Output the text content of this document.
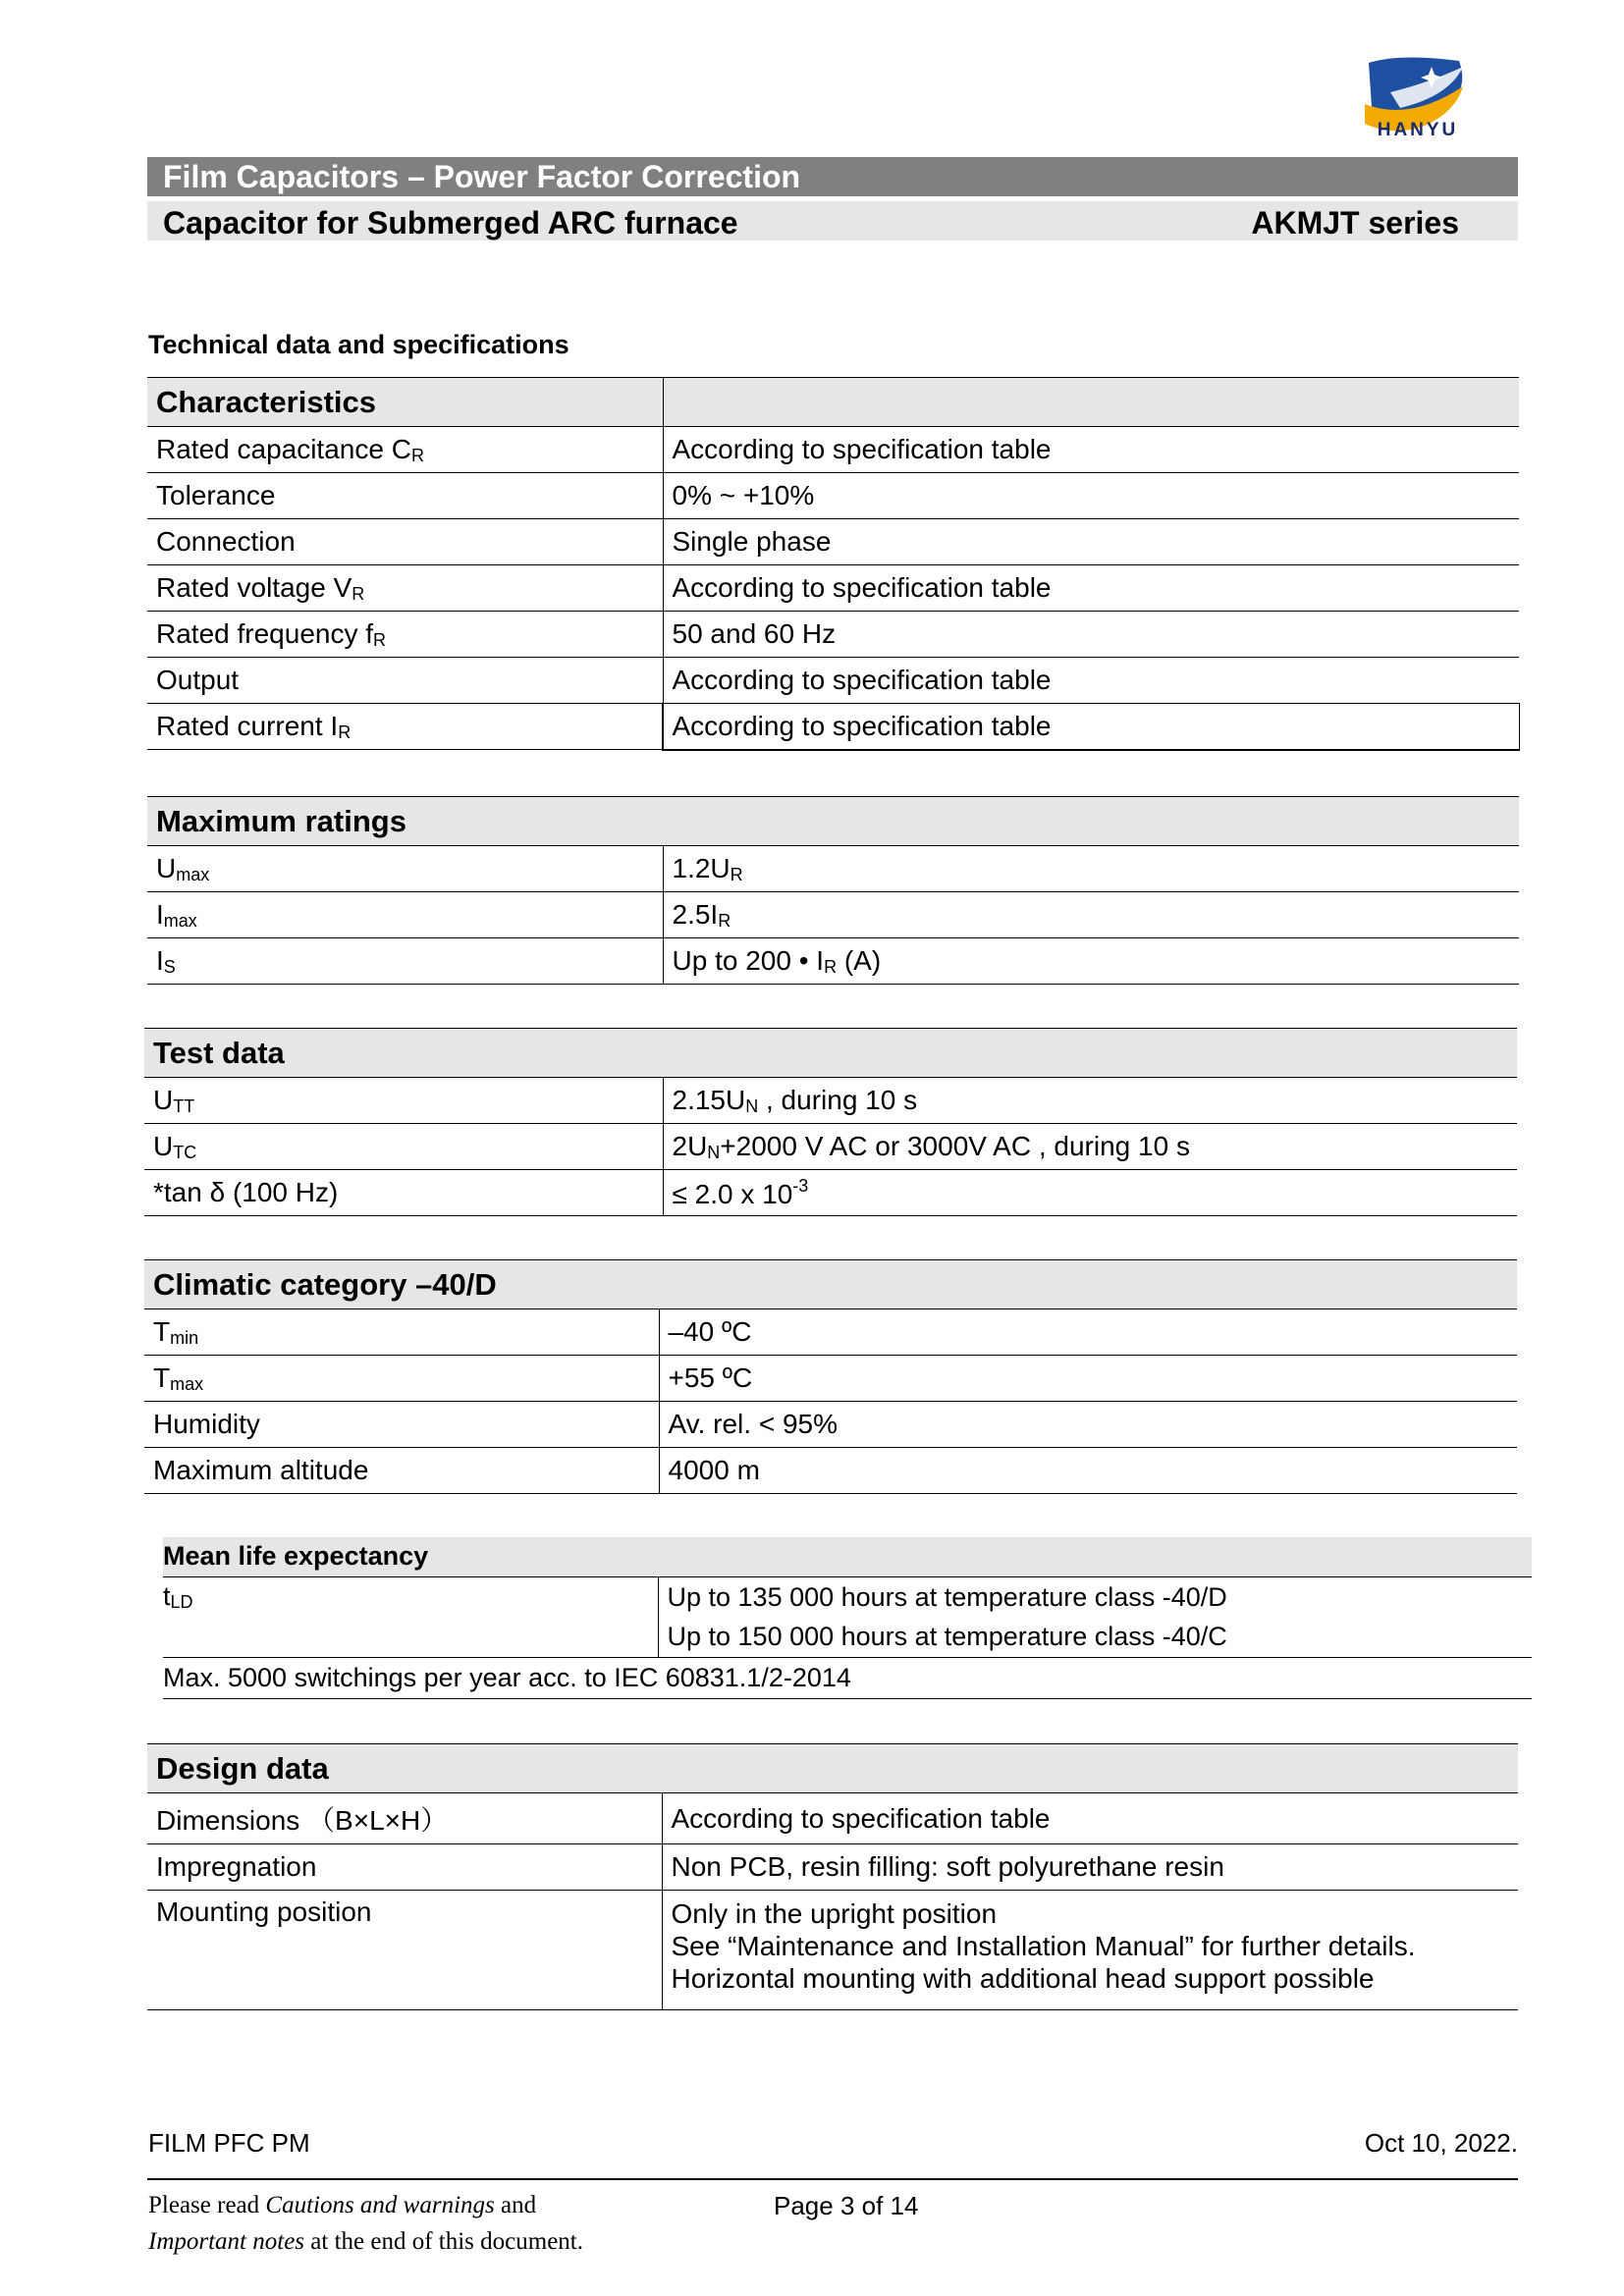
HANYU
Film Capacitors – Power Factor Correction
Capacitor for Submerged ARC furnace	AKMJT series
Technical data and specifications
Characteristics	
Rated capacitance $C_R$	According to specification table
Tolerance	0% ~ +10%
Connection	Single phase
Rated voltage $V_R$	According to specification table
Rated frequency $f_R$	50 and 60 Hz
Output	According to specification table
Rated current $I_R$	According to specification table
Maximum ratings	
$U_{max}$	$1.2U_R$
$I_{max}$	$2.5I_R$
$I_S$	Up to 200 • $I_R$ (A)
Test data	
$U_{TT}$	$2.15U_N$ , during 10 s
$U_{TC}$	$2U_N+2000$ V AC or 3000V AC , during 10 s
*tan δ (100 Hz)	≤ 2.0 x $10^{-3}$
Climatic category –40/D	
$T_{min}$	–40 ºC
$T_{max}$	+55 ºC
Humidity	Av. rel. < 95%
Maximum altitude	4000 m
Mean life expectancy
$t_{LD}$	Up to 135 000 hours at temperature class -40/D
Up to 150 000 hours at temperature class -40/C

Max. 5000 switchings per year acc. to IEC 60831.1/2-2014
Design data	
Dimensions （B×L×H）	According to specification table
Impregnation	Non PCB, resin filling: soft polyurethane resin
Mounting position	Only in the upright position
See “Maintenance and Installation Manual” for further details.
Horizontal mounting with additional head support possible
FILM PFC PM	Oct 10, 2022.
Please read Cautions and warnings and
Important notes at the end of this document.
Page 3 of 14
